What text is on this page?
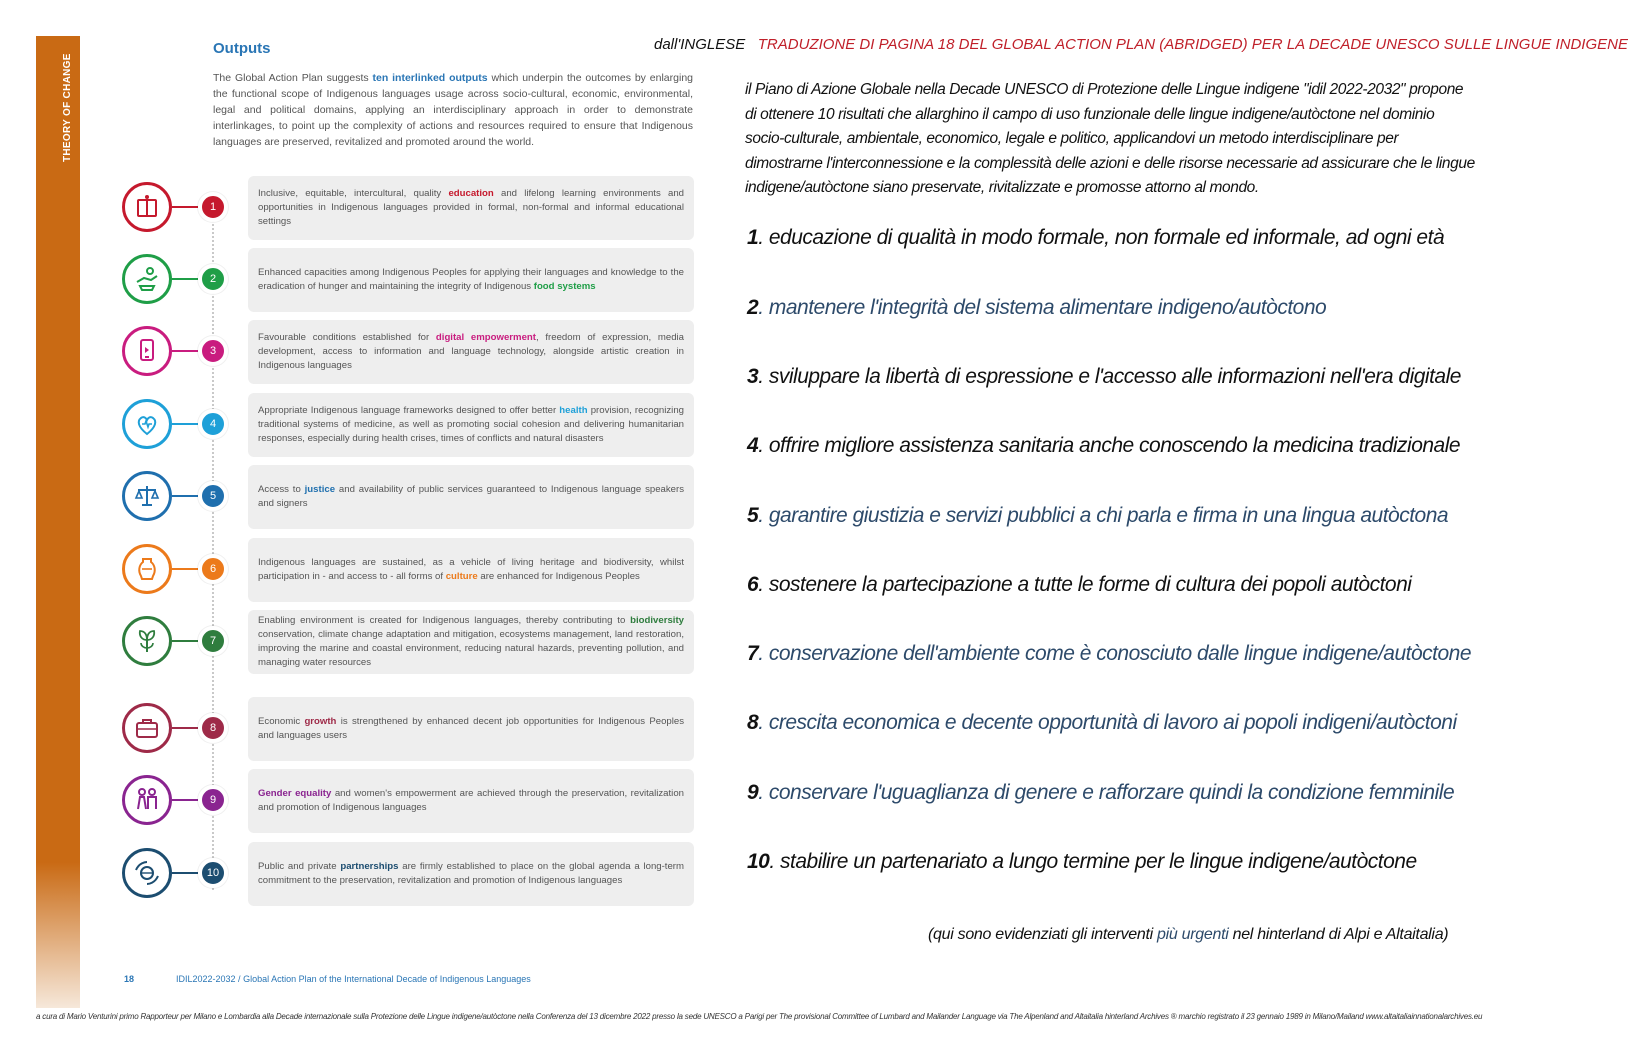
THEORY OF CHANGE
Outputs
The Global Action Plan suggests ten interlinked outputs which underpin the outcomes by enlarging the functional scope of Indigenous languages usage across socio-cultural, economic, environmental, legal and political domains, applying an interdisciplinary approach in order to demonstrate interlinkages, to point up the complexity of actions and resources required to ensure that Indigenous languages are preserved, revitalized and promoted around the world.
1
Inclusive, equitable, intercultural, quality education and lifelong learning environments and opportunities in Indigenous languages provided in formal, non-formal and informal educational settings
2
Enhanced capacities among Indigenous Peoples for applying their languages and knowledge to the eradication of hunger and maintaining the integrity of Indigenous food systems
3
Favourable conditions established for digital empowerment, freedom of expression, media development, access to information and language technology, alongside artistic creation in Indigenous languages
4
Appropriate Indigenous language frameworks designed to offer better health provision, recognizing traditional systems of medicine, as well as promoting social cohesion and delivering humanitarian responses, especially during health crises, times of conflicts and natural disasters
5
Access to justice and availability of public services guaranteed to Indigenous language speakers and signers
6
Indigenous languages are sustained, as a vehicle of living heritage and biodiversity, whilst participation in - and access to - all forms of culture are enhanced for Indigenous Peoples
7
Enabling environment is created for Indigenous languages, thereby contributing to biodiversity conservation, climate change adaptation and mitigation, ecosystems management, land restoration, improving the marine and coastal environment, reducing natural hazards, preventing pollution, and managing water resources
8
Economic growth is strengthened by enhanced decent job opportunities for Indigenous Peoples and languages users
9
Gender equality and women's empowerment are achieved through the preservation, revitalization and promotion of Indigenous languages
10
Public and private partnerships are firmly established to place on the global agenda a long-term commitment to the preservation, revitalization and promotion of Indigenous languages
18	IDIL2022-2032 / Global Action Plan of the International Decade of Indigenous Languages
dall'INGLESE TRADUZIONE DI PAGINA 18 DEL GLOBAL ACTION PLAN (ABRIDGED) PER LA DECADE UNESCO SULLE LINGUE INDIGENE
il Piano di Azione Globale nella Decade UNESCO di Protezione delle Lingue indigene "idil 2022-2032" propone di ottenere 10 risultati che allarghino il campo di uso funzionale delle lingue indigene/autòctone nel dominio socio-culturale, ambientale, economico, legale e politico, applicandovi un metodo interdisciplinare per dimostrarne l'interconnessione e la complessità delle azioni e delle risorse necessarie ad assicurare che le lingue indigene/autòctone siano preservate, rivitalizzate e promosse attorno al mondo.
1. educazione di qualità in modo formale, non formale ed informale, ad ogni età
2. mantenere l'integrità del sistema alimentare indigeno/autòctono
3. sviluppare la libertà di espressione e l'accesso alle informazioni nell'era digitale
4. offrire migliore assistenza sanitaria anche conoscendo la medicina tradizionale
5. garantire giustizia e servizi pubblici a chi parla e firma in una lingua autòctona
6. sostenere la partecipazione a tutte le forme di cultura dei popoli autòctoni
7. conservazione dell'ambiente come è conosciuto dalle lingue indigene/autòctone
8. crescita economica e decente opportunità di lavoro ai popoli indigeni/autòctoni
9. conservare l'uguaglianza di genere e rafforzare quindi la condizione femminile
10. stabilire un partenariato a lungo termine per le lingue indigene/autòctone
(qui sono evidenziati gli interventi più urgenti nel hinterland di Alpi e Altaitalia)
a cura di Mario Venturini primo Rapporteur per Milano e Lombardia alla Decade internazionale sulla Protezione delle Lingue indigene/autòctone nella Conferenza del 13 dicembre 2022 presso la sede UNESCO a Parigi per The provisional Committee of Lumbard and Mailander Language via The Alpenland and Altaitalia hinterland Archives ® marchio registrato il 23 gennaio 1989 in Milano/Mailand www.altaitaliainnationalarchives.eu
